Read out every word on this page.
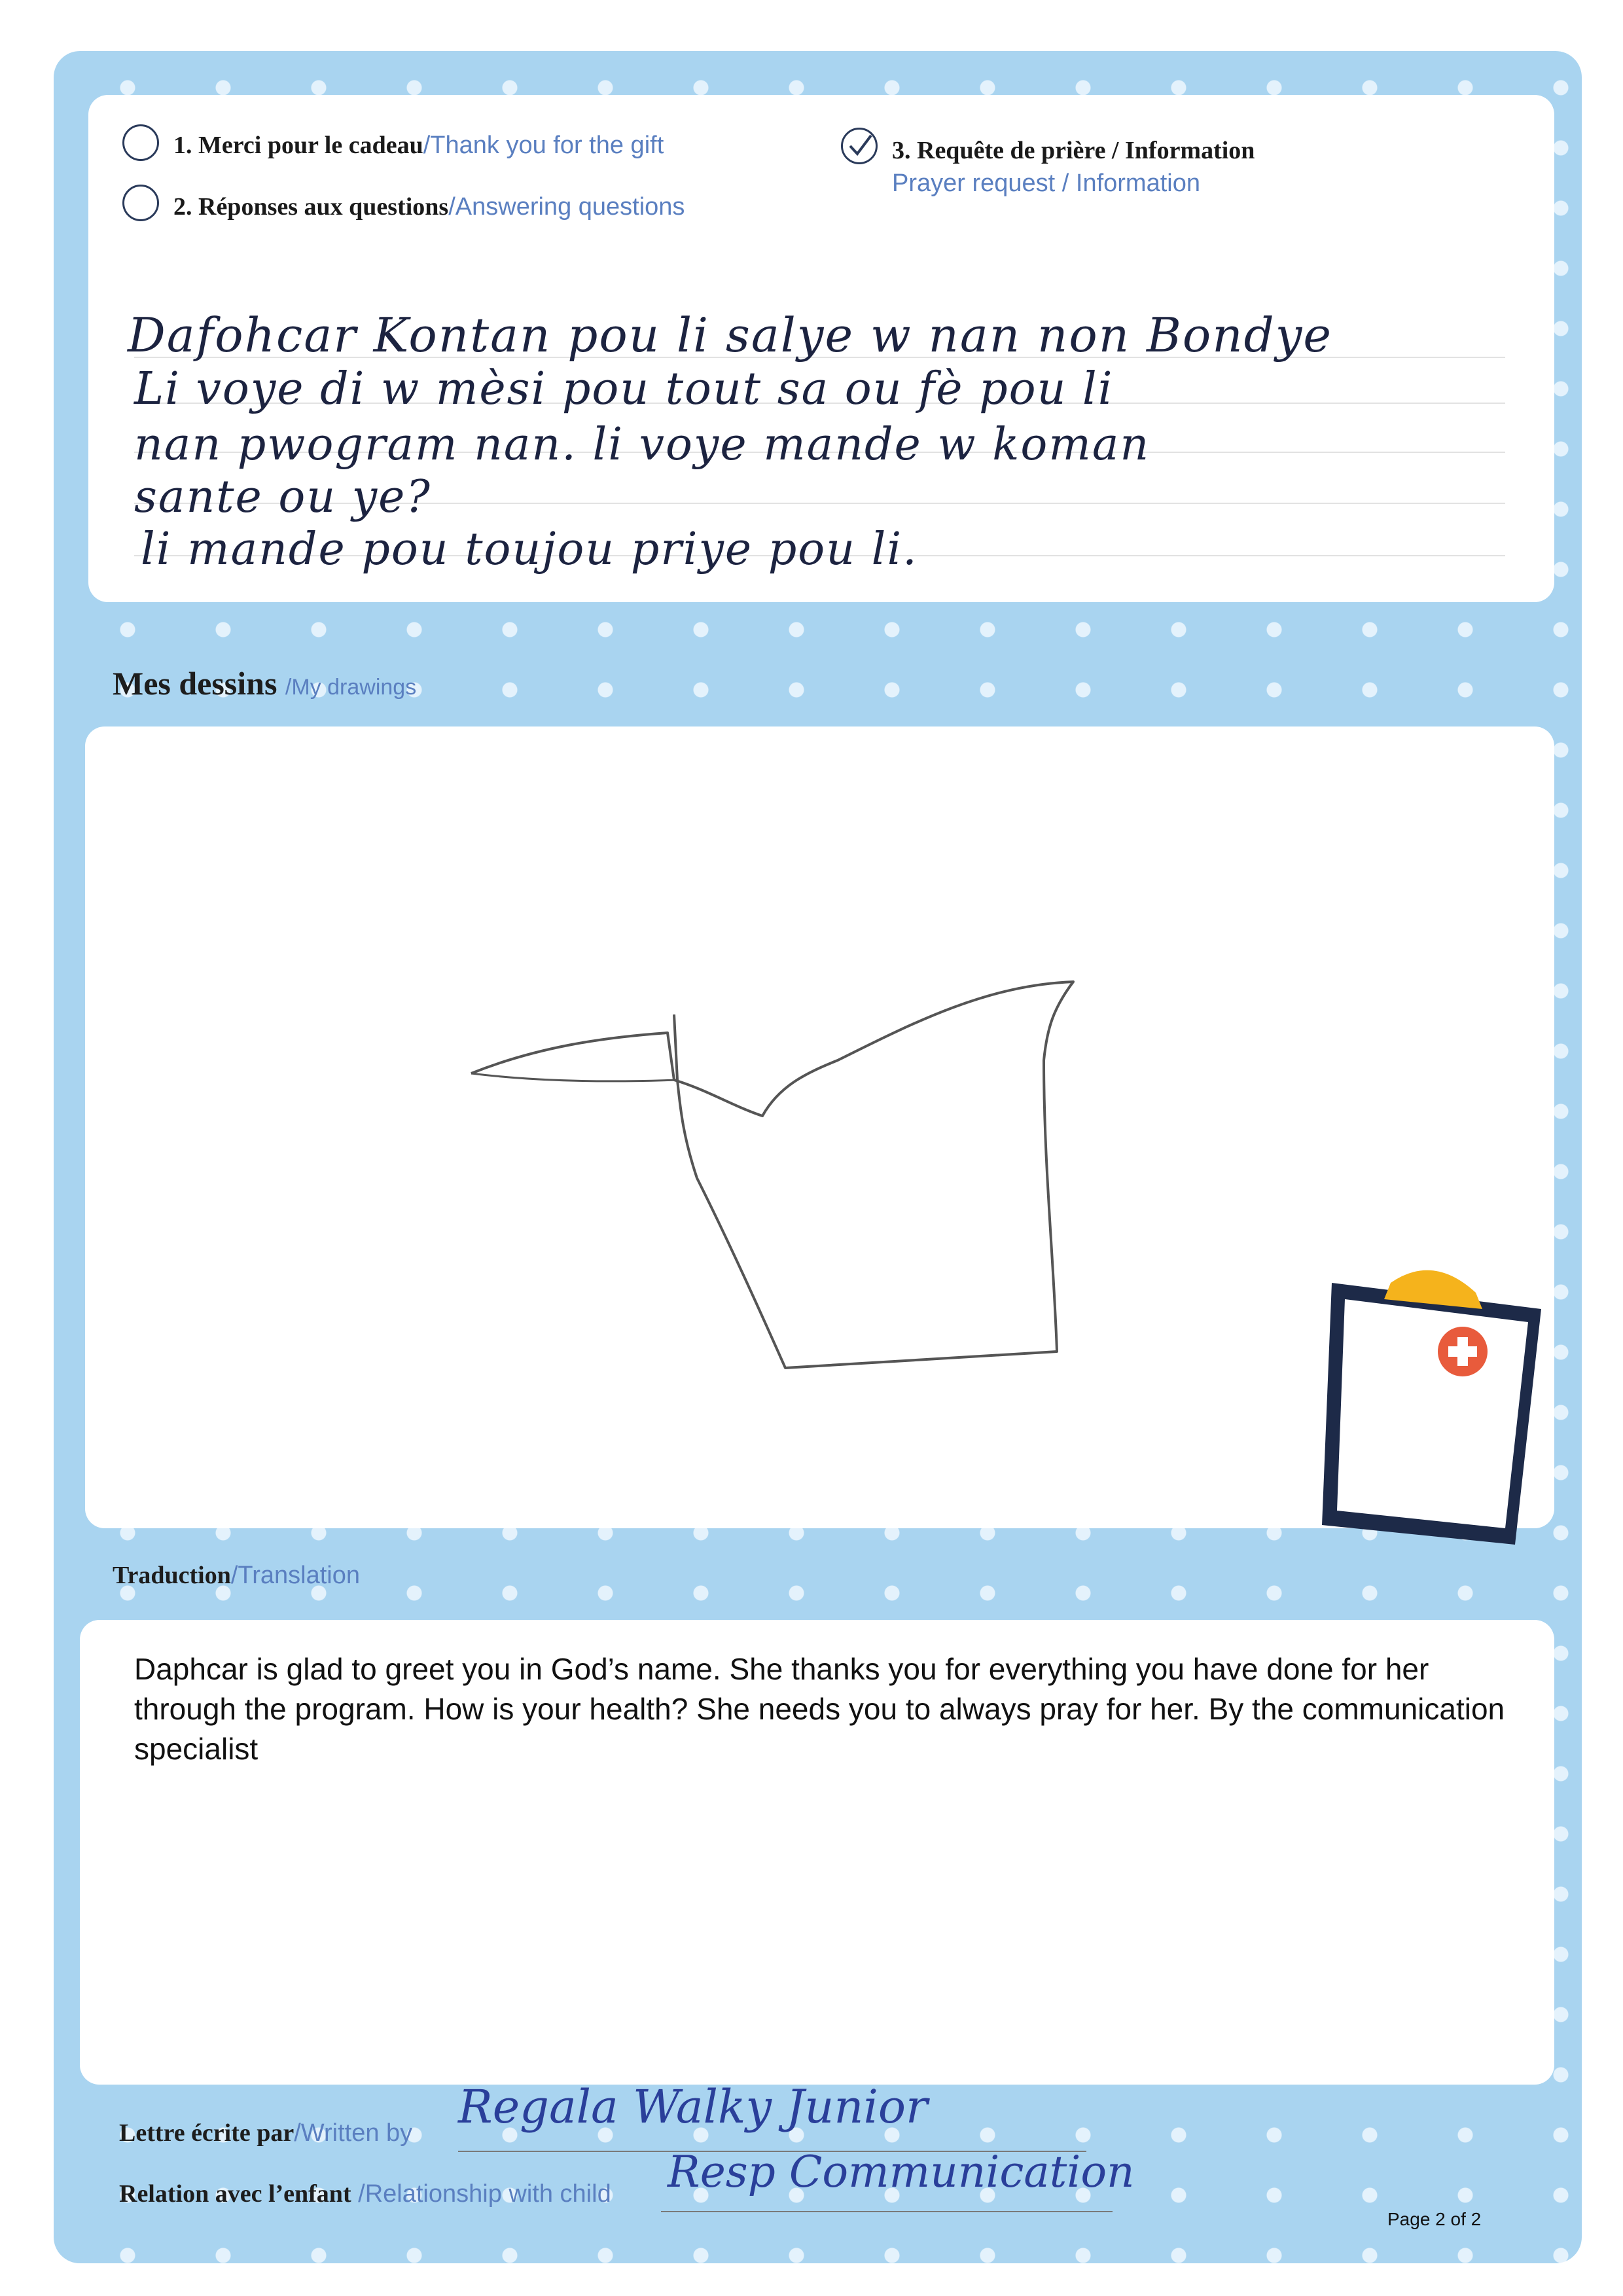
1. Merci pour le cadeau/Thank you for the gift
2. Réponses aux questions/Answering questions
3. Requête de prière / Information
Prayer request / Information
Dafohcar Kontan pou li salye w nan non Bondye
Li voye di w mèsi pou tout sa ou fè pou li
nan pwogram nan. li voye mande w koman
sante ou ye?
li mande pou toujou priye pou li.
Mes dessins /My drawings
Traduction/Translation
Daphcar is glad to greet you in God’s name. She thanks you for everything you have done for her through the program. How is your health? She needs you to always pray for her. By the communication specialist
Lettre écrite par/Written by Regala Walky Junior
Relation avec l’enfant /Relationship with child Resp Communication
Page 2 of 2
